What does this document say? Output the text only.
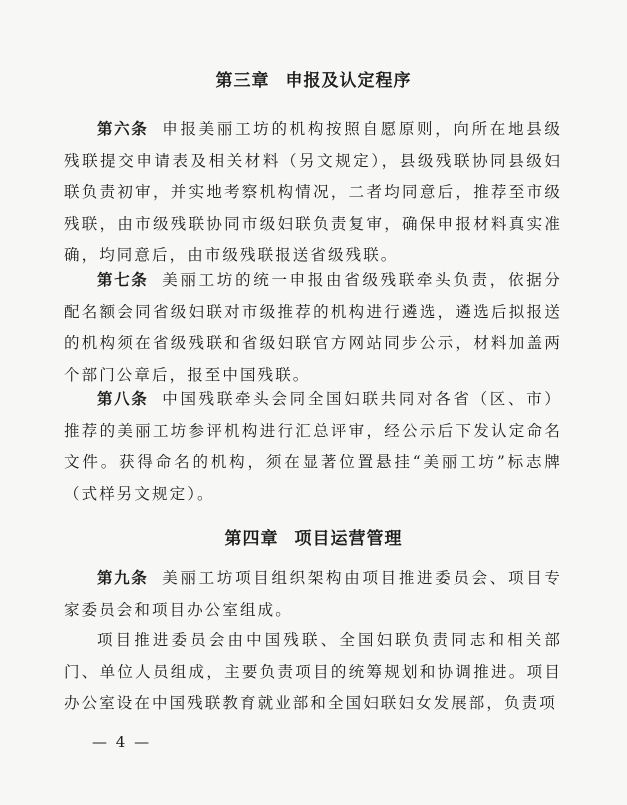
第三章 申报及认定程序

第六条 申报美丽工坊的机构按照自愿原则，向所在地县级残联提交申请表及相关材料（另文规定），县级残联协同县级妇联负责初审，并实地考察机构情况，二者均同意后，推荐至市级残联，由市级残联协同市级妇联负责复审，确保申报材料真实准确，均同意后，由市级残联报送省级残联。

第七条 美丽工坊的统一申报由省级残联牵头负责，依据分配名额会同省级妇联对市级推荐的机构进行遴选，遴选后拟报送的机构须在省级残联和省级妇联官方网站同步公示，材料加盖两个部门公章后，报至中国残联。

第八条 中国残联牵头会同全国妇联共同对各省（区、市）推荐的美丽工坊参评机构进行汇总评审，经公示后下发认定命名文件。获得命名的机构，须在显著位置悬挂“美丽工坊”标志牌（式样另文规定）。

第四章 项目运营管理

第九条 美丽工坊项目组织架构由项目推进委员会、项目专家委员会和项目办公室组成。

项目推进委员会由中国残联、全国妇联负责同志和相关部门、单位人员组成，主要负责项目的统筹规划和协调推进。项目办公室设在中国残联教育就业部和全国妇联妇女发展部，负责项

— 4 —
